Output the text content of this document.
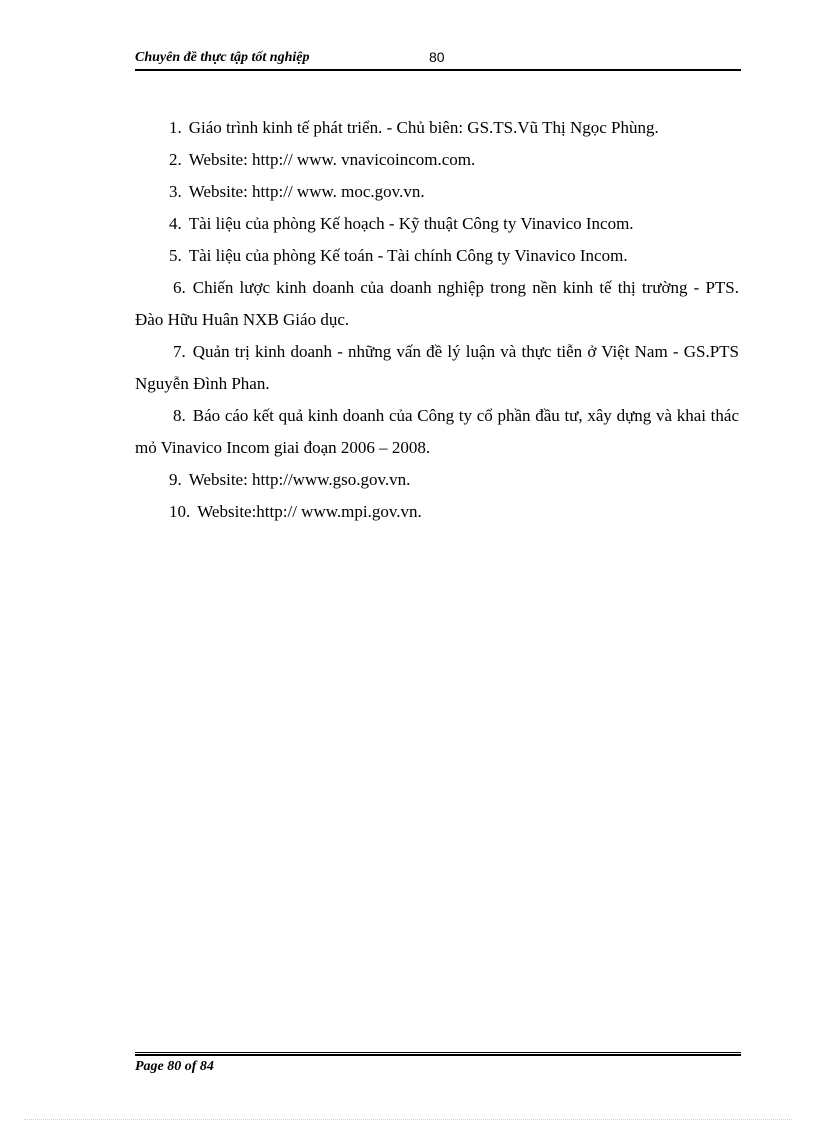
Chuyên đề thực tập tốt nghiệp	80

1. Giáo trình kinh tế phát triển. - Chủ biên: GS.TS.Vũ Thị Ngọc Phùng.

2. Website: http:// www. vnavicoincom.com.

3. Website: http:// www. moc.gov.vn.

4. Tài liệu của phòng Kế hoạch - Kỹ thuật Công ty Vinavico Incom.

5. Tài liệu của phòng Kế toán - Tài chính Công ty Vinavico Incom.

6. Chiến lược kinh doanh của doanh nghiệp trong nền kinh tế thị trường - PTS. Đào Hữu Huân NXB Giáo dục.

7. Quản trị kinh doanh - những vấn đề lý luận và thực tiễn ở Việt Nam - GS.PTS Nguyễn Đình Phan.

8. Báo cáo kết quả kinh doanh của Công ty cổ phần đầu tư, xây dựng và khai thác mỏ Vinavico Incom giai đoạn 2006 – 2008.

9. Website: http://www.gso.gov.vn.

10. Website:http:// www.mpi.gov.vn.

Page 80 of 84
